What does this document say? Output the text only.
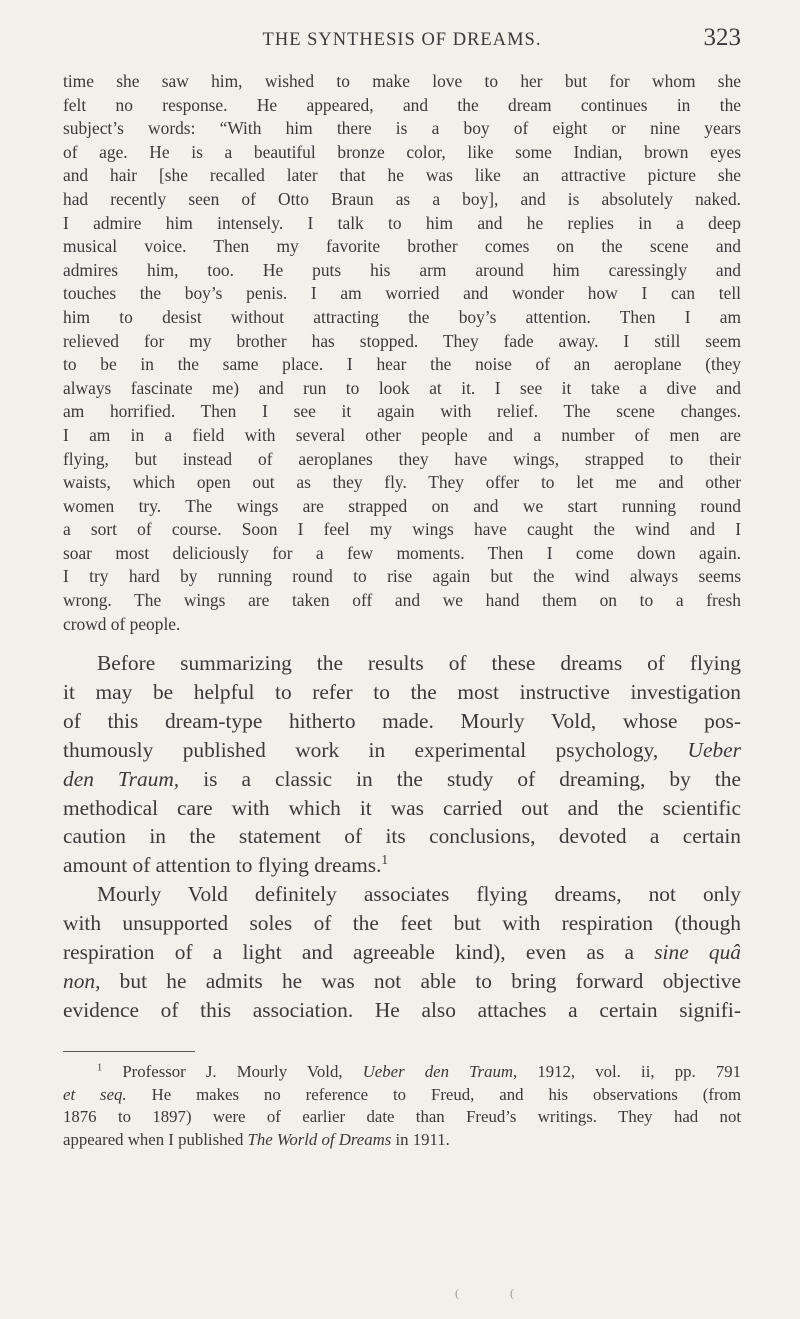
THE SYNTHESIS OF DREAMS.	323
time she saw him, wished to make love to her but for whom she
felt no response. He appeared, and the dream continues in the
subject’s words: “With him there is a boy of eight or nine years
of age. He is a beautiful bronze color, like some Indian, brown eyes
and hair [she recalled later that he was like an attractive picture she
had recently seen of Otto Braun as a boy], and is absolutely naked.
I admire him intensely. I talk to him and he replies in a deep
musical voice. Then my favorite brother comes on the scene and
admires him, too. He puts his arm around him caressingly and
touches the boy’s penis. I am worried and wonder how I can tell
him to desist without attracting the boy’s attention. Then I am
relieved for my brother has stopped. They fade away. I still seem
to be in the same place. I hear the noise of an aeroplane (they
always fascinate me) and run to look at it. I see it take a dive and
am horrified. Then I see it again with relief. The scene changes.
I am in a field with several other people and a number of men are
flying, but instead of aeroplanes they have wings, strapped to their
waists, which open out as they fly. They offer to let me and other
women try. The wings are strapped on and we start running round
a sort of course. Soon I feel my wings have caught the wind and I
soar most deliciously for a few moments. Then I come down again.
I try hard by running round to rise again but the wind always seems
wrong. The wings are taken off and we hand them on to a fresh
crowd of people.
Before summarizing the results of these dreams of flying
it may be helpful to refer to the most instructive investigation
of this dream-type hitherto made. Mourly Vold, whose pos-
thumously published work in experimental psychology, Ueber
den Traum, is a classic in the study of dreaming, by the
methodical care with which it was carried out and the scientific
caution in the statement of its conclusions, devoted a certain
amount of attention to flying dreams.$^1$
Mourly Vold definitely associates flying dreams, not only
with unsupported soles of the feet but with respiration (though
respiration of a light and agreeable kind), even as a sine quâ
non, but he admits he was not able to bring forward objective
evidence of this association. He also attaches a certain signifi-
$^1$ Professor J. Mourly Vold, Ueber den Traum, 1912, vol. ii, pp. 791
et seq. He makes no reference to Freud, and his observations (from
1876 to 1897) were of earlier date than Freud’s writings. They had not
appeared when I published The World of Dreams in 1911.
( (
